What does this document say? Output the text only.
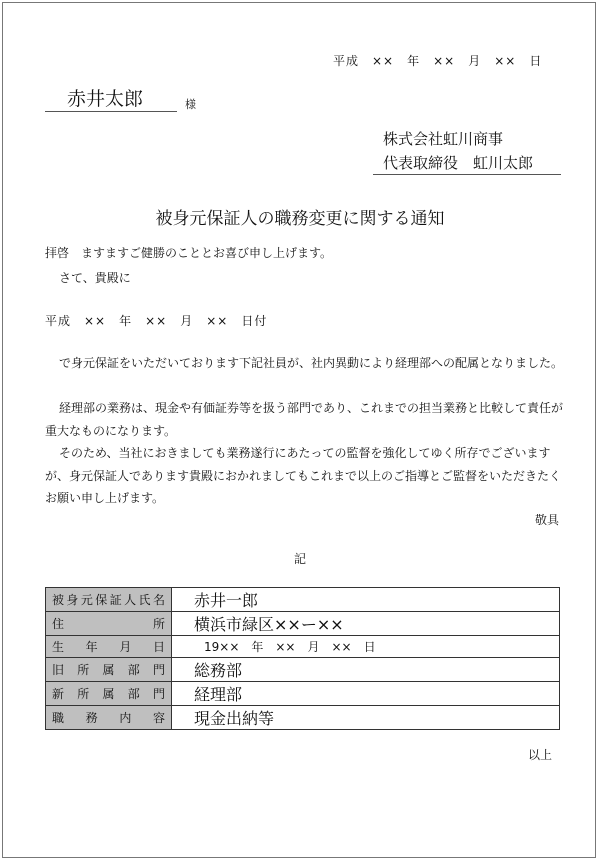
平成　××　年　××　月　××　日
赤井太郎	様
株式会社虹川商事
代表取締役　虹川太郎
被身元保証人の職務変更に関する通知
拝啓　ますますご健勝のこととお喜び申し上げます。
さて、貴殿に
平成　××　年　××　月　××　日付
で身元保証をいただいております下記社員が、社内異動により経理部への配属となりました。
経理部の業務は、現金や有価証券等を扱う部門であり、これまでの担当業務と比較して責任が重大なものになります。
そのため、当社におきましても業務遂行にあたっての監督を強化してゆく所存でございますが、身元保証人であります貴殿におかれましてもこれまで以上のご指導とご監督をいただきたくお願い申し上げます。
敬具
記
被身元保証人氏名	赤井一郎
住所	横浜市緑区××ー××
生年月日	19××　年　××　月　××　日
旧所属部門	総務部
新所属部門	経理部
職務内容	現金出納等
以上
